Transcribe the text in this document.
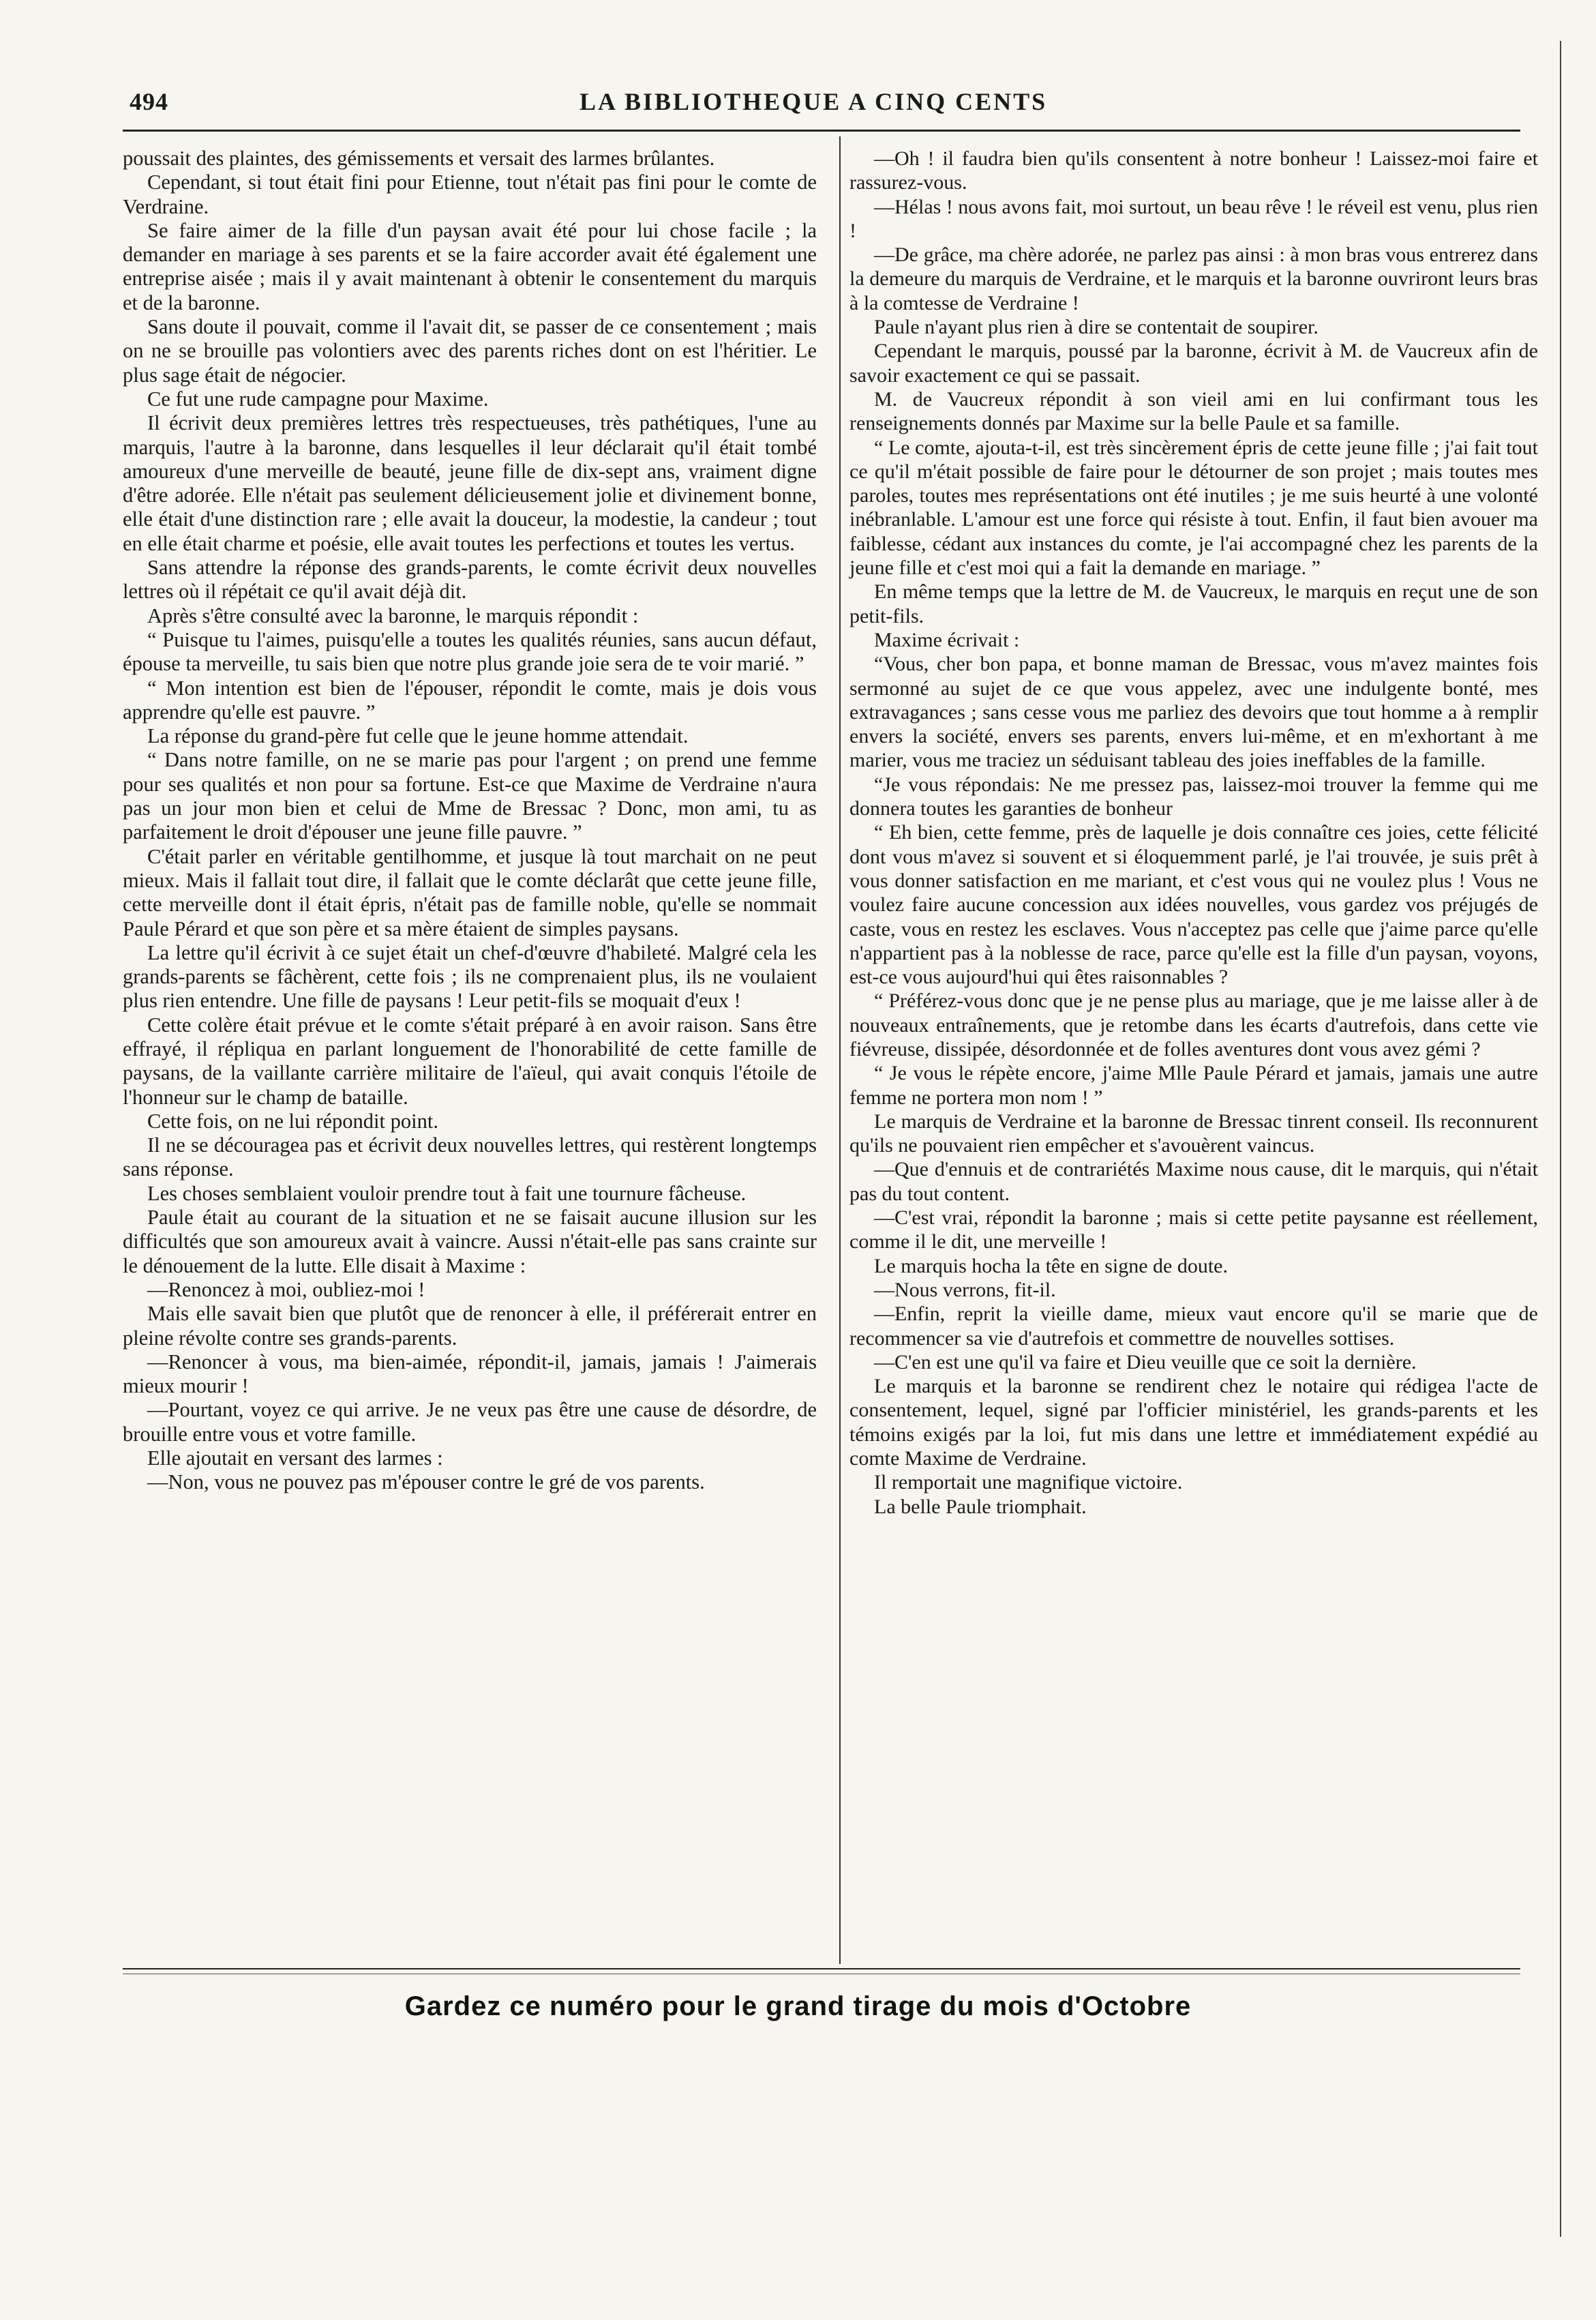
494	LA BIBLIOTHEQUE A CINQ CENTS

poussait des plaintes, des gémissements et versait des larmes brûlantes.

Cependant, si tout était fini pour Etienne, tout n'était pas fini pour le comte de Verdraine.

Se faire aimer de la fille d'un paysan avait été pour lui chose facile ; la demander en mariage à ses parents et se la faire accorder avait été également une entreprise aisée ; mais il y avait maintenant à obtenir le consentement du marquis et de la baronne.

Sans doute il pouvait, comme il l'avait dit, se passer de ce consentement ; mais on ne se brouille pas volontiers avec des parents riches dont on est l'héritier. Le plus sage était de négocier.

Ce fut une rude campagne pour Maxime.

Il écrivit deux premières lettres très respectueuses, très pathétiques, l'une au marquis, l'autre à la baronne, dans lesquelles il leur déclarait qu'il était tombé amoureux d'une merveille de beauté, jeune fille de dix-sept ans, vraiment digne d'être adorée. Elle n'était pas seulement délicieusement jolie et divinement bonne, elle était d'une distinction rare ; elle avait la douceur, la modestie, la candeur ; tout en elle était charme et poésie, elle avait toutes les perfections et toutes les vertus.

Sans attendre la réponse des grands-parents, le comte écrivit deux nouvelles lettres où il répétait ce qu'il avait déjà dit.

Après s'être consulté avec la baronne, le marquis répondit :

“ Puisque tu l'aimes, puisqu'elle a toutes les qualités réunies, sans aucun défaut, épouse ta merveille, tu sais bien que notre plus grande joie sera de te voir marié. ”

“ Mon intention est bien de l'épouser, répondit le comte, mais je dois vous apprendre qu'elle est pauvre. ”

La réponse du grand-père fut celle que le jeune homme attendait.

“ Dans notre famille, on ne se marie pas pour l'argent ; on prend une femme pour ses qualités et non pour sa fortune. Est-ce que Maxime de Verdraine n'aura pas un jour mon bien et celui de Mme de Bressac ? Donc, mon ami, tu as parfaitement le droit d'épouser une jeune fille pauvre. ”

C'était parler en véritable gentilhomme, et jusque là tout marchait on ne peut mieux. Mais il fallait tout dire, il fallait que le comte déclarât que cette jeune fille, cette merveille dont il était épris, n'était pas de famille noble, qu'elle se nommait Paule Pérard et que son père et sa mère étaient de simples paysans.

La lettre qu'il écrivit à ce sujet était un chef-d'œuvre d'habileté. Malgré cela les grands-parents se fâchèrent, cette fois ; ils ne comprenaient plus, ils ne voulaient plus rien entendre. Une fille de paysans ! Leur petit-fils se moquait d'eux !

Cette colère était prévue et le comte s'était préparé à en avoir raison. Sans être effrayé, il répliqua en parlant longuement de l'honorabilité de cette famille de paysans, de la vaillante carrière militaire de l'aïeul, qui avait conquis l'étoile de l'honneur sur le champ de bataille.

Cette fois, on ne lui répondit point.

Il ne se découragea pas et écrivit deux nouvelles lettres, qui restèrent longtemps sans réponse.

Les choses semblaient vouloir prendre tout à fait une tournure fâcheuse.

Paule était au courant de la situation et ne se faisait aucune illusion sur les difficultés que son amoureux avait à vaincre. Aussi n'était-elle pas sans crainte sur le dénouement de la lutte. Elle disait à Maxime :

—Renoncez à moi, oubliez-moi !

Mais elle savait bien que plutôt que de renoncer à elle, il préférerait entrer en pleine révolte contre ses grands-parents.

—Renoncer à vous, ma bien-aimée, répondit-il, jamais, jamais ! J'aimerais mieux mourir !

—Pourtant, voyez ce qui arrive. Je ne veux pas être une cause de désordre, de brouille entre vous et votre famille.

Elle ajoutait en versant des larmes :

—Non, vous ne pouvez pas m'épouser contre le gré de vos parents.

—Oh ! il faudra bien qu'ils consentent à notre bonheur ! Laissez-moi faire et rassurez-vous.

—Hélas ! nous avons fait, moi surtout, un beau rêve ! le réveil est venu, plus rien !

—De grâce, ma chère adorée, ne parlez pas ainsi : à mon bras vous entrerez dans la demeure du marquis de Verdraine, et le marquis et la baronne ouvriront leurs bras à la comtesse de Verdraine !

Paule n'ayant plus rien à dire se contentait de soupirer.

Cependant le marquis, poussé par la baronne, écrivit à M. de Vaucreux afin de savoir exactement ce qui se passait.

M. de Vaucreux répondit à son vieil ami en lui confirmant tous les renseignements donnés par Maxime sur la belle Paule et sa famille.

“ Le comte, ajouta-t-il, est très sincèrement épris de cette jeune fille ; j'ai fait tout ce qu'il m'était possible de faire pour le détourner de son projet ; mais toutes mes paroles, toutes mes représentations ont été inutiles ; je me suis heurté à une volonté inébranlable. L'amour est une force qui résiste à tout. Enfin, il faut bien avouer ma faiblesse, cédant aux instances du comte, je l'ai accompagné chez les parents de la jeune fille et c'est moi qui a fait la demande en mariage. ”

En même temps que la lettre de M. de Vaucreux, le marquis en reçut une de son petit-fils.

Maxime écrivait :

“Vous, cher bon papa, et bonne maman de Bressac, vous m'avez maintes fois sermonné au sujet de ce que vous appelez, avec une indulgente bonté, mes extravagances ; sans cesse vous me parliez des devoirs que tout homme a à remplir envers la société, envers ses parents, envers lui-même, et en m'exhortant à me marier, vous me traciez un séduisant tableau des joies ineffables de la famille.

“Je vous répondais: Ne me pressez pas, laissez-moi trouver la femme qui me donnera toutes les garanties de bonheur

“ Eh bien, cette femme, près de laquelle je dois connaître ces joies, cette félicité dont vous m'avez si souvent et si éloquemment parlé, je l'ai trouvée, je suis prêt à vous donner satisfaction en me mariant, et c'est vous qui ne voulez plus ! Vous ne voulez faire aucune concession aux idées nouvelles, vous gardez vos préjugés de caste, vous en restez les esclaves. Vous n'acceptez pas celle que j'aime parce qu'elle n'appartient pas à la noblesse de race, parce qu'elle est la fille d'un paysan, voyons, est-ce vous aujourd'hui qui êtes raisonnables ?

“ Préférez-vous donc que je ne pense plus au mariage, que je me laisse aller à de nouveaux entraînements, que je retombe dans les écarts d'autrefois, dans cette vie fiévreuse, dissipée, désordonnée et de folles aventures dont vous avez gémi ?

“ Je vous le répète encore, j'aime Mlle Paule Pérard et jamais, jamais une autre femme ne portera mon nom ! ”

Le marquis de Verdraine et la baronne de Bressac tinrent conseil. Ils reconnurent qu'ils ne pouvaient rien empêcher et s'avouèrent vaincus.

—Que d'ennuis et de contrariétés Maxime nous cause, dit le marquis, qui n'était pas du tout content.

—C'est vrai, répondit la baronne ; mais si cette petite paysanne est réellement, comme il le dit, une merveille !

Le marquis hocha la tête en signe de doute.

—Nous verrons, fit-il.

—Enfin, reprit la vieille dame, mieux vaut encore qu'il se marie que de recommencer sa vie d'autrefois et commettre de nouvelles sottises.

—C'en est une qu'il va faire et Dieu veuille que ce soit la dernière.

Le marquis et la baronne se rendirent chez le notaire qui rédigea l'acte de consentement, lequel, signé par l'officier ministériel, les grands-parents et les témoins exigés par la loi, fut mis dans une lettre et immédiatement expédié au comte Maxime de Verdraine.

Il remportait une magnifique victoire.

La belle Paule triomphait.

Gardez ce numéro pour le grand tirage du mois d'Octobre
